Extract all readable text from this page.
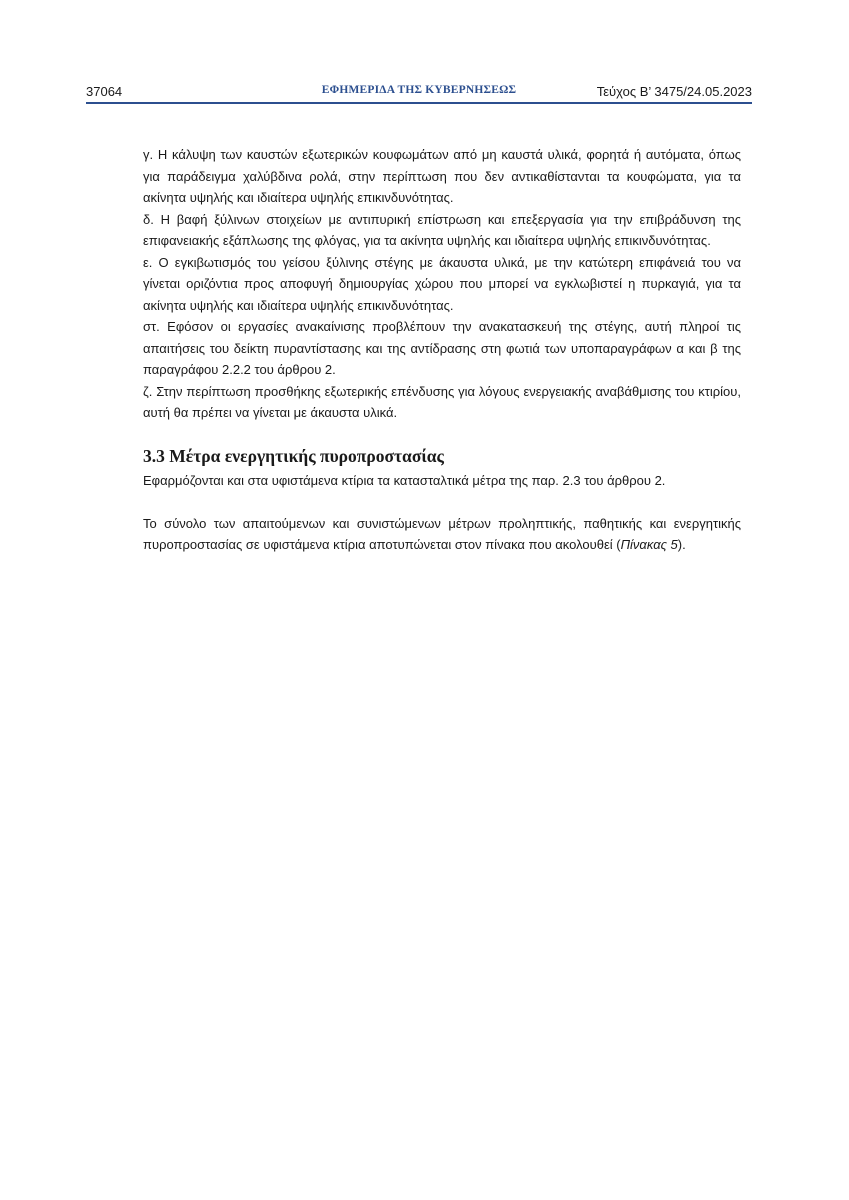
37064	ΕΦΗΜΕΡΙΔΑ ΤΗΣ ΚΥΒΕΡΝΗΣΕΩΣ	Τεύχος Β’ 3475/24.05.2023

γ. Η κάλυψη των καυστών εξωτερικών κουφωμάτων από μη καυστά υλικά, φορητά ή αυτόματα, όπως για παράδειγμα χαλύβδινα ρολά, στην περίπτωση που δεν αντικαθίστανται τα κουφώματα, για τα ακίνητα υψηλής και ιδιαίτερα υψηλής επικινδυνότητας.

δ. Η βαφή ξύλινων στοιχείων με αντιπυρική επίστρωση και επεξεργασία για την επιβράδυνση της επιφανειακής εξάπλωσης της φλόγας, για τα ακίνητα υψηλής και ιδιαίτερα υψηλής επικινδυνότητας.

ε. Ο εγκιβωτισμός του γείσου ξύλινης στέγης με άκαυστα υλικά, με την κατώτερη επιφάνειά του να γίνεται οριζόντια προς αποφυγή δημιουργίας χώρου που μπορεί να εγκλωβιστεί η πυρκαγιά, για τα ακίνητα υψηλής και ιδιαίτερα υψηλής επικινδυνότητας.

στ. Εφόσον οι εργασίες ανακαίνισης προβλέπουν την ανακατασκευή της στέγης, αυτή πληροί τις απαιτήσεις του δείκτη πυραντίστασης και της αντίδρασης στη φωτιά των υποπαραγράφων α και β της παραγράφου 2.2.2 του άρθρου 2.

ζ. Στην περίπτωση προσθήκης εξωτερικής επένδυσης για λόγους ενεργειακής αναβάθμισης του κτιρίου, αυτή θα πρέπει να γίνεται με άκαυστα υλικά.

3.3 Μέτρα ενεργητικής πυροπροστασίας

Εφαρμόζονται και στα υφιστάμενα κτίρια τα κατασταλτικά μέτρα της παρ. 2.3 του άρθρου 2.

Το σύνολο των απαιτούμενων και συνιστώμενων μέτρων προληπτικής, παθητικής και ενεργητικής πυροπροστασίας σε υφιστάμενα κτίρια αποτυπώνεται στον πίνακα που ακολουθεί (Πίνακας 5).
